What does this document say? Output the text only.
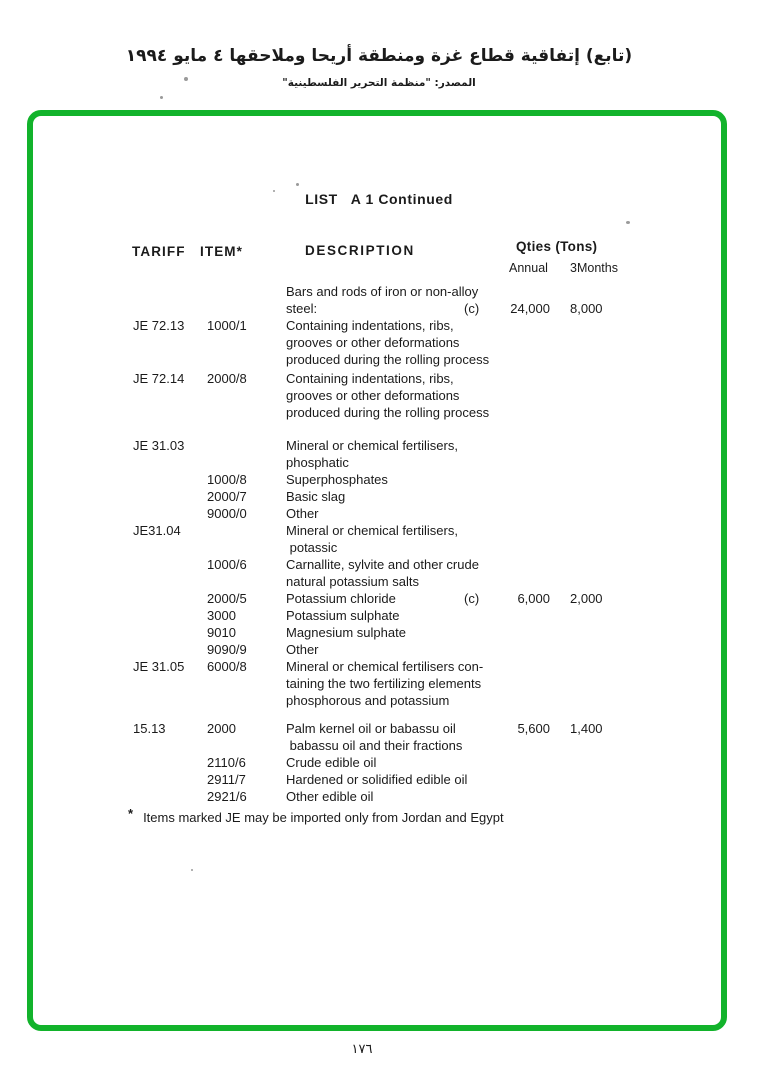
(تابع) إتفاقية قطاع غزة ومنطقة أريحا وملاحقها ٤ مايو ١٩٩٤
المصدر: "منظمة التحرير الفلسطينية"
LIST   A 1 Continued
TARIFF ITEM*	DESCRIPTION	Qties (Tons)
Annual 3Months
Bars and rods of iron or non-alloy
steel:	(c)	24,000 8,000
JE 72.13 1000/1	Containing indentations, ribs,
grooves or other deformations
produced during the rolling process
JE 72.14 2000/8	Containing indentations, ribs,
grooves or other deformations
produced during the rolling process
JE 31.03	Mineral or chemical fertilisers,
phosphatic
1000/8	Superphosphates
2000/7	Basic slag
9000/0	Other
JE31.04	Mineral or chemical fertilisers,
potassic
1000/6	Carnallite, sylvite and other crude
natural potassium salts
2000/5	Potassium chloride	(c)	6,000 2,000
3000	Potassium sulphate
9010	Magnesium sulphate
9090/9	Other
JE 31.05 6000/8	Mineral or chemical fertilisers con-
taining the two fertilizing elements
phosphorous and potassium
15.13	2000	Palm kernel oil or babassu oil	5,600 1,400
babassu oil and their fractions
2110/6	Crude edible oil
2911/7	Hardened or solidified edible oil
2921/6	Other edible oil
* Items marked JE may be imported only from Jordan and Egypt
١٧٦
